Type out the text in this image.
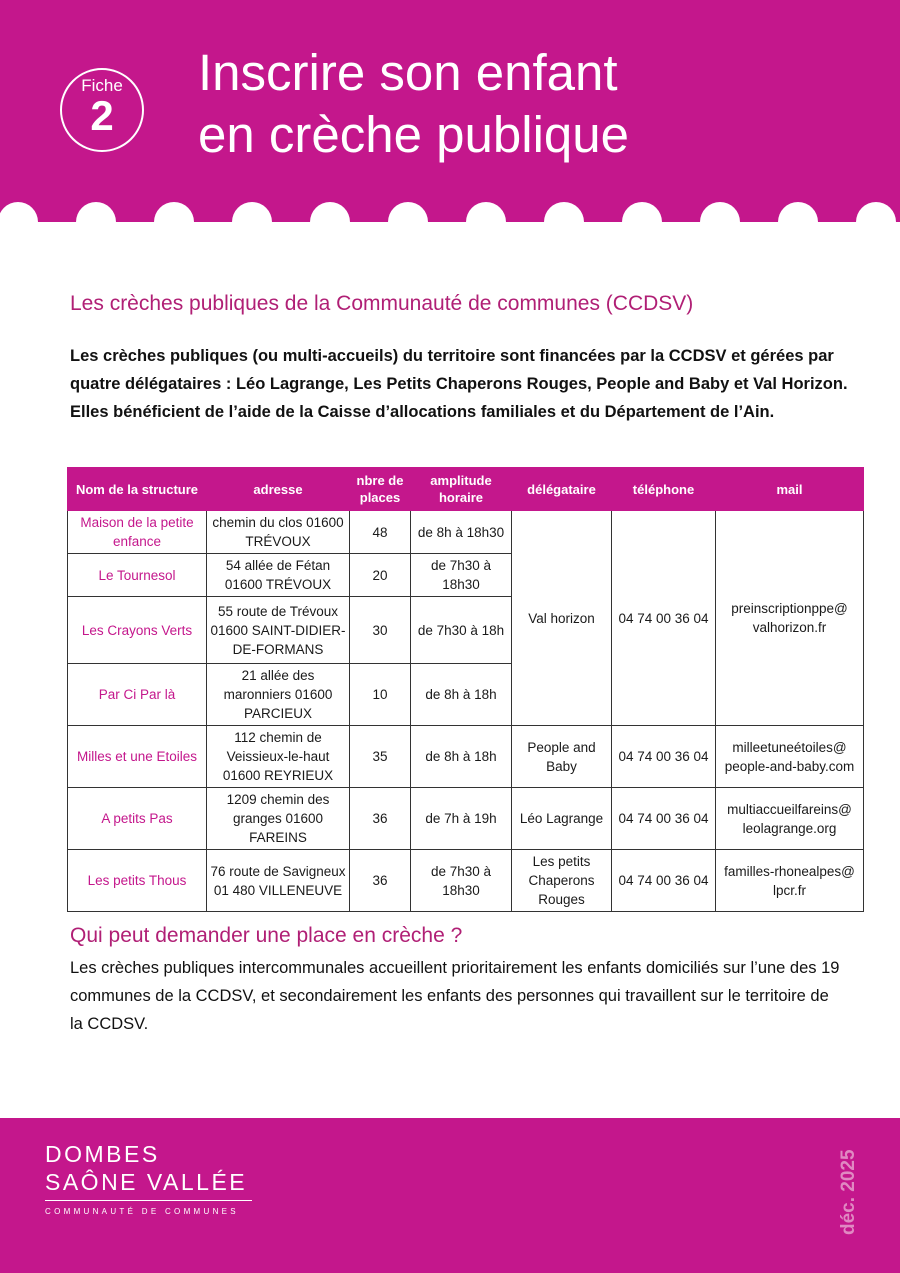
Fiche
2
Inscrire son enfant
en crèche publique
Les crèches publiques de la Communauté de communes (CCDSV)

Les crèches publiques (ou multi-accueils) du territoire sont financées par la CCDSV et gérées par quatre délégataires : Léo Lagrange, Les Petits Chaperons Rouges, People and Baby et Val Horizon.

Elles bénéficient de l’aide de la Caisse d’allocations familiales et du Département de l’Ain.

Nom de la structure	adresse	nbre de places	amplitude horaire	délégataire	téléphone	mail
Maison de la petite enfance	chemin du clos 01600 TRÉVOUX	48	de 8h à 18h30	Val horizon	04 74 00 36 04	preinscriptionppe@ valhorizon.fr
Le Tournesol	54 allée de Fétan 01600 TRÉVOUX	20	de 7h30 à 18h30			
Les Crayons Verts	55 route de Trévoux 01600 SAINT-DIDIER-DE-FORMANS	30	de 7h30 à 18h			
Par Ci Par là	21 allée des maronniers 01600 PARCIEUX	10	de 8h à 18h			
Milles et une Etoiles	112 chemin de Veissieux-le-haut 01600 REYRIEUX	35	de 8h à 18h	People and Baby	04 74 00 36 04	milleetuneétoiles@ people-and-baby.com
A petits Pas	1209 chemin des granges 01600 FAREINS	36	de 7h à 19h	Léo Lagrange	04 74 00 36 04	multiaccueilfareins@ leolagrange.org
Les petits Thous	76 route de Savigneux 01 480 VILLENEUVE	36	de 7h30 à 18h30	Les petits Chaperons Rouges	04 74 00 36 04	familles-rhonealpes@ lpcr.fr
Qui peut demander une place en crèche ?
Les crèches publiques intercommunales accueillent prioritairement les enfants domiciliés sur l’une des 19 communes de la CCDSV, et secondairement les enfants des personnes qui travaillent sur le territoire de la CCDSV.
DOMBES
SAÔNE VALLÉE
COMMUNAUTÉ DE COMMUNES	déc. 2025
